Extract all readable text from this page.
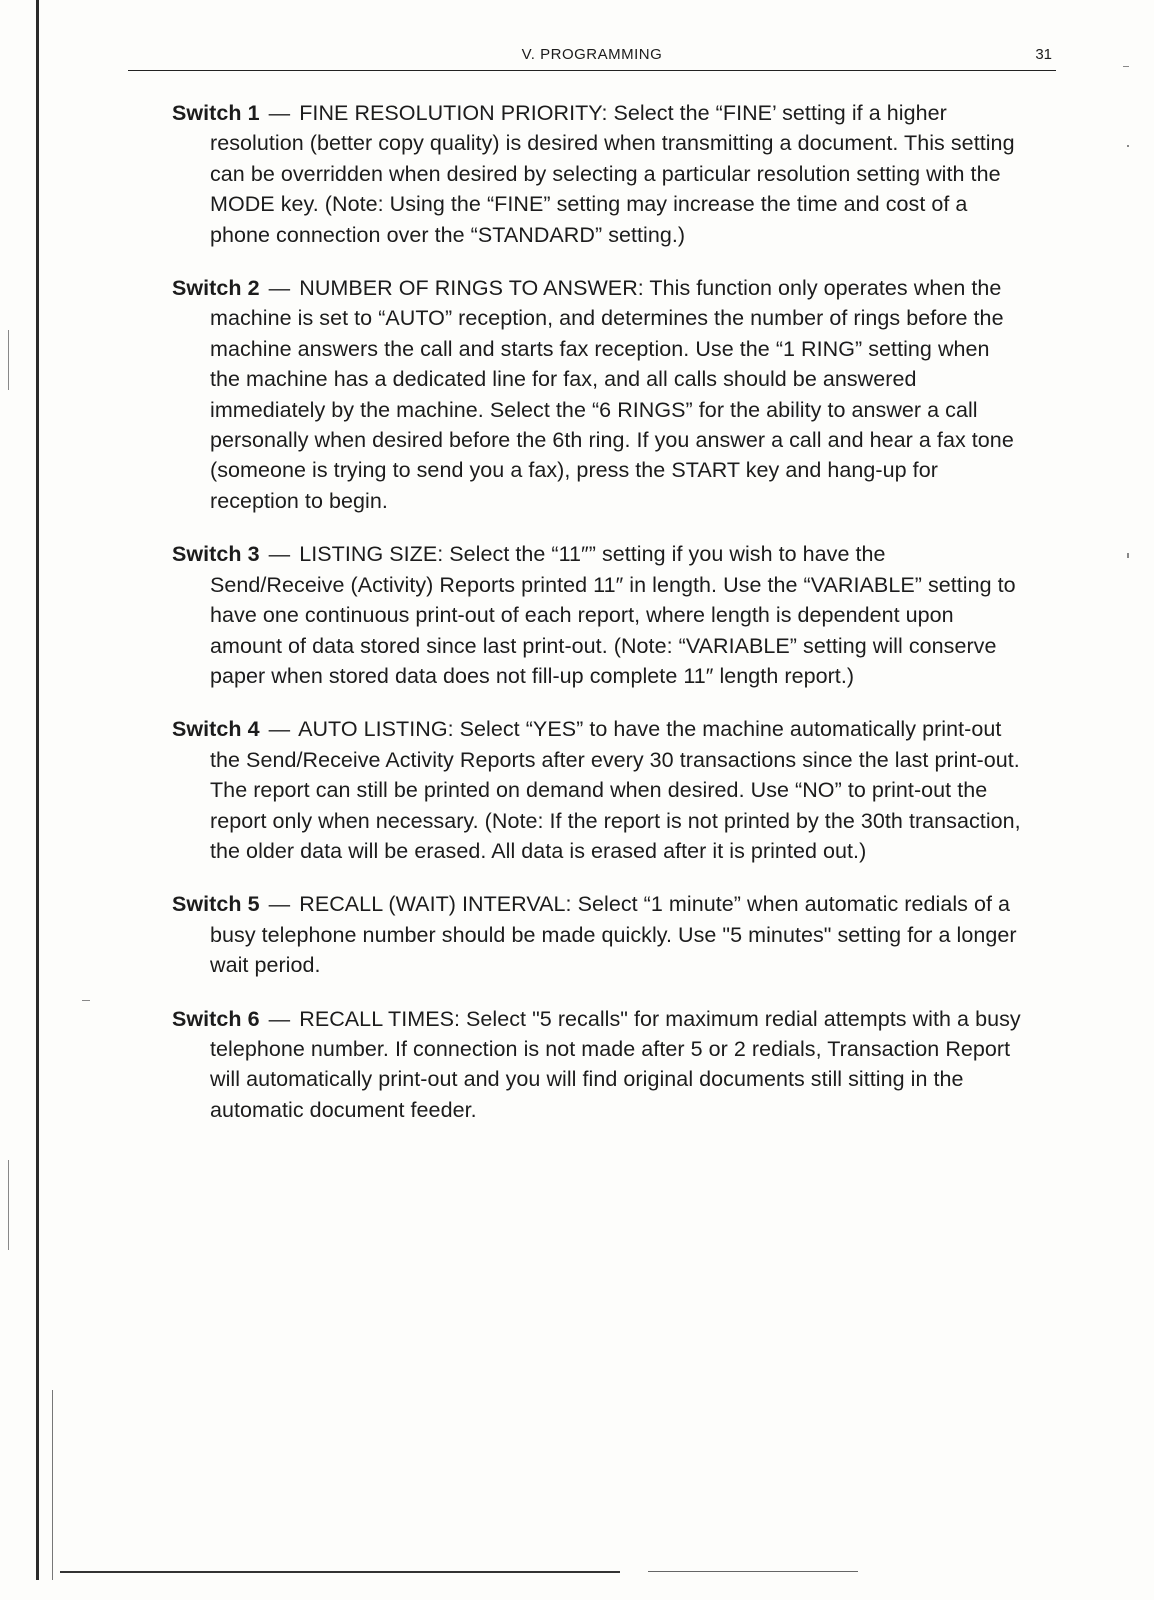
V. PROGRAMMING	31

Switch 1 — FINE RESOLUTION PRIORITY: Select the “FINE’ setting if a higher resolution (better copy quality) is desired when transmitting a document. This setting can be overridden when desired by selecting a particular resolution setting with the MODE key. (Note: Using the “FINE” setting may increase the time and cost of a phone connection over the “STANDARD” setting.)

Switch 2 — NUMBER OF RINGS TO ANSWER: This function only operates when the machine is set to “AUTO” reception, and determines the number of rings before the machine answers the call and starts fax reception. Use the “1 RING” setting when the machine has a dedicated line for fax, and all calls should be answered immediately by the machine. Select the “6 RINGS” for the ability to answer a call personally when desired before the 6th ring. If you answer a call and hear a fax tone (someone is trying to send you a fax), press the START key and hang-up for reception to begin.

Switch 3 — LISTING SIZE: Select the “11″” setting if you wish to have the Send/Receive (Activity) Reports printed 11″ in length. Use the “VARIABLE” setting to have one continuous print-out of each report, where length is dependent upon amount of data stored since last print-out. (Note: “VARIABLE” setting will conserve paper when stored data does not fill-up complete 11″ length report.)

Switch 4 — AUTO LISTING: Select “YES” to have the machine automatically print-out the Send/Receive Activity Reports after every 30 transactions since the last print-out. The report can still be printed on demand when desired. Use “NO” to print-out the report only when necessary. (Note: If the report is not printed by the 30th transaction, the older data will be erased. All data is erased after it is printed out.)

Switch 5 — RECALL (WAIT) INTERVAL: Select “1 minute” when automatic redials of a busy telephone number should be made quickly. Use "5 minutes" setting for a longer wait period.

Switch 6 — RECALL TIMES: Select "5 recalls" for maximum redial attempts with a busy telephone number. If connection is not made after 5 or 2 redials, Transaction Report will automatically print-out and you will find original documents still sitting in the automatic document feeder.
